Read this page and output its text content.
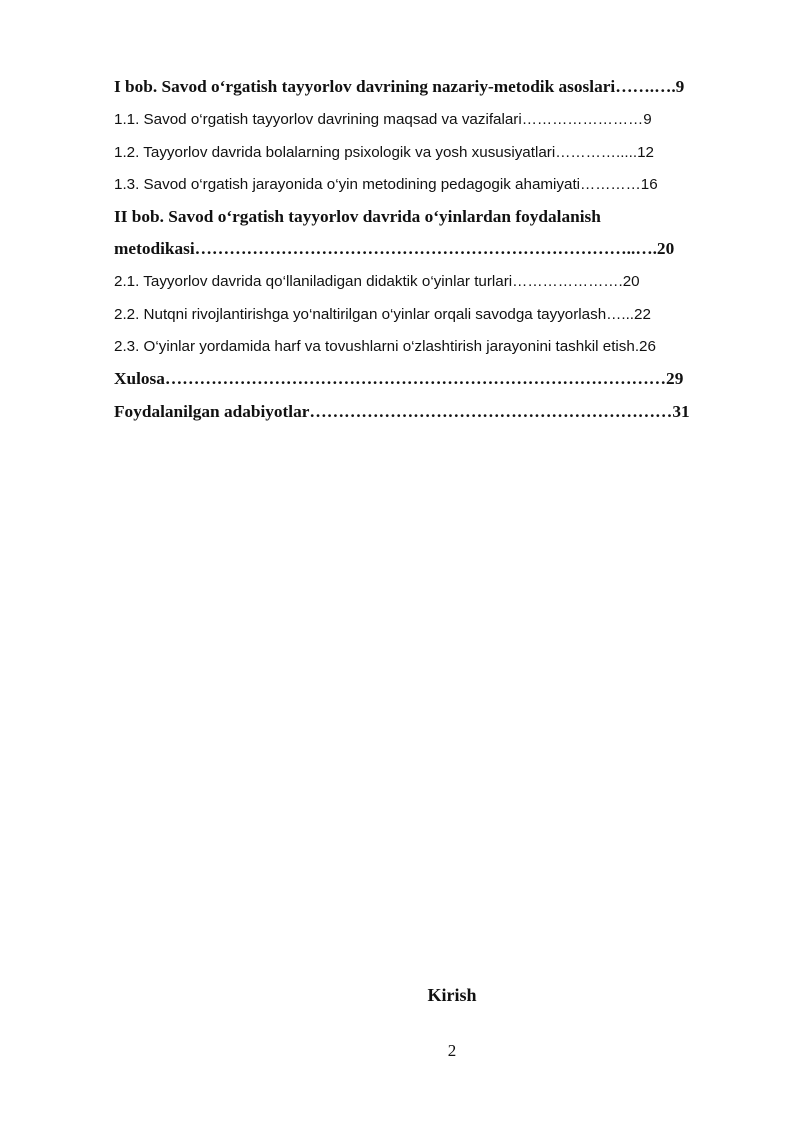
I bob. Savod o‘rgatish tayyorlov davrining nazariy-metodik asoslari…….….9
1.1. Savod o‘rgatish tayyorlov davrining maqsad va vazifalari……………………9
1.2. Tayyorlov davrida bolalarning psixologik va yosh xususiyatlari………….....12
1.3. Savod o‘rgatish jarayonida o‘yin metodining pedagogik ahamiyati…………16
II bob. Savod o‘rgatish tayyorlov davrida o‘yinlardan foydalanish
metodikasi…………………………………………………………………..….20
2.1. Tayyorlov davrida qo‘llaniladigan didaktik o‘yinlar turlari………………….20
2.2. Nutqni rivojlantirishga yo‘naltirilgan o‘yinlar orqali savodga tayyorlash…...22
2.3. O‘yinlar yordamida harf va tovushlarni o‘zlashtirish jarayonini tashkil etish.26
Xulosa……………………………………………………………………………29
Foydalanilgan adabiyotlar………………………………………………………31
Kirish
2
